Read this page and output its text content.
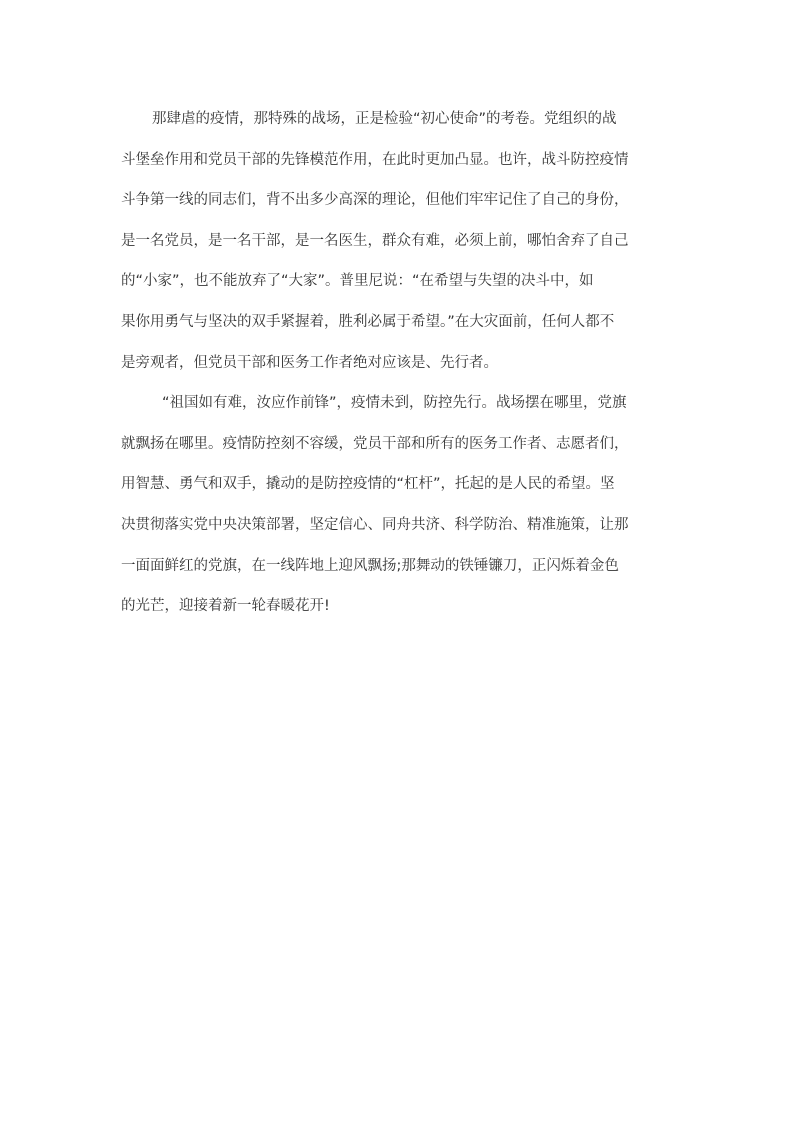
那肆虐的疫情，那特殊的战场，正是检验“初心使命”的考卷。党组织的战
斗堡垒作用和党员干部的先锋模范作用，在此时更加凸显。也许，战斗防控疫情
斗争第一线的同志们，背不出多少高深的理论，但他们牢牢记住了自己的身份，
是一名党员，是一名干部，是一名医生，群众有难，必须上前，哪怕舍弃了自己
的“小家”，也不能放弃了“大家”。普里尼说：“在希望与失望的决斗中，如
果你用勇气与坚决的双手紧握着，胜利必属于希望。”在大灾面前，任何人都不
是旁观者，但党员干部和医务工作者绝对应该是、先行者。
“祖国如有难，汝应作前锋”，疫情未到，防控先行。战场摆在哪里，党旗
就飘扬在哪里。疫情防控刻不容缓，党员干部和所有的医务工作者、志愿者们，
用智慧、勇气和双手，撬动的是防控疫情的“杠杆”，托起的是人民的希望。坚
决贯彻落实党中央决策部署，坚定信心、同舟共济、科学防治、精准施策，让那
一面面鲜红的党旗，在一线阵地上迎风飘扬;那舞动的铁锤镰刀，正闪烁着金色
的光芒，迎接着新一轮春暖花开!
